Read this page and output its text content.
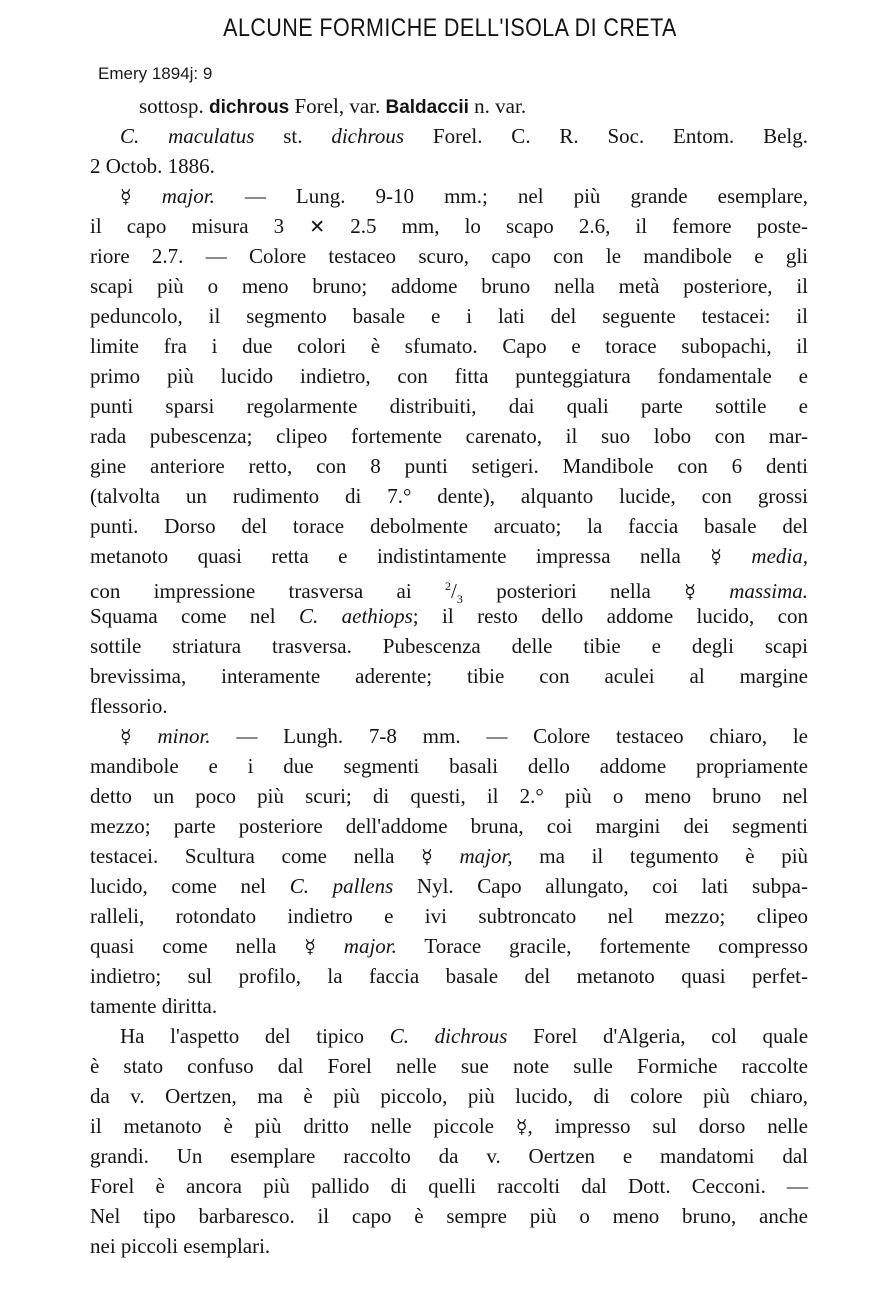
ALCUNE FORMICHE DELL'ISOLA DI CRETA
Emery 1894j: 9
sottosp. dichrous Forel, var. Baldaccii n. var.
C. maculatus st. dichrous Forel. C. R. Soc. Entom. Belg.
2 Octob. 1886.
☿ major. — Lung. 9-10 mm.; nel più grande esemplare,
il capo misura 3 ✕ 2.5 mm, lo scapo 2.6, il femore poste-
riore 2.7. — Colore testaceo scuro, capo con le mandibole e gli
scapi più o meno bruno; addome bruno nella metà posteriore, il
peduncolo, il segmento basale e i lati del seguente testacei: il
limite fra i due colori è sfumato. Capo e torace subopachi, il
primo più lucido indietro, con fitta punteggiatura fondamentale e
punti sparsi regolarmente distribuiti, dai quali parte sottile e
rada pubescenza; clipeo fortemente carenato, il suo lobo con mar-
gine anteriore retto, con 8 punti setigeri. Mandibole con 6 denti
(talvolta un rudimento di 7.° dente), alquanto lucide, con grossi
punti. Dorso del torace debolmente arcuato; la faccia basale del
metanoto quasi retta e indistintamente impressa nella ☿ media,
con impressione trasversa ai	$^2/_3$ posteriori nella ☿ massima.
Squama come nel C. aethiops; il resto dello addome lucido, con
sottile striatura trasversa. Pubescenza delle tibie e degli scapi
brevissima, interamente aderente; tibie con aculei al margine
flessorio.
☿ minor. — Lungh. 7-8 mm. — Colore testaceo chiaro, le
mandibole e i due segmenti basali dello addome propriamente
detto un poco più scuri; di questi, il 2.° più o meno bruno nel
mezzo; parte posteriore dell'addome bruna, coi margini dei segmenti
testacei. Scultura come nella ☿ major, ma il tegumento è più
lucido, come nel C. pallens Nyl. Capo allungato, coi lati subpa-
ralleli, rotondato indietro e ivi subtroncato nel mezzo; clipeo
quasi come nella ☿ major. Torace gracile, fortemente compresso
indietro; sul profilo, la faccia basale del metanoto quasi perfet-
tamente diritta.
Ha l'aspetto del tipico C. dichrous Forel d'Algeria, col quale
è stato confuso dal Forel nelle sue note sulle Formiche raccolte
da v. Oertzen, ma è più piccolo, più lucido, di colore più chiaro,
il metanoto è più dritto nelle piccole ☿, impresso sul dorso nelle
grandi. Un esemplare raccolto da v. Oertzen e mandatomi dal
Forel è ancora più pallido di quelli raccolti dal Dott. Cecconi. —
Nel tipo barbaresco. il capo è sempre più o meno bruno, anche
nei piccoli esemplari.
